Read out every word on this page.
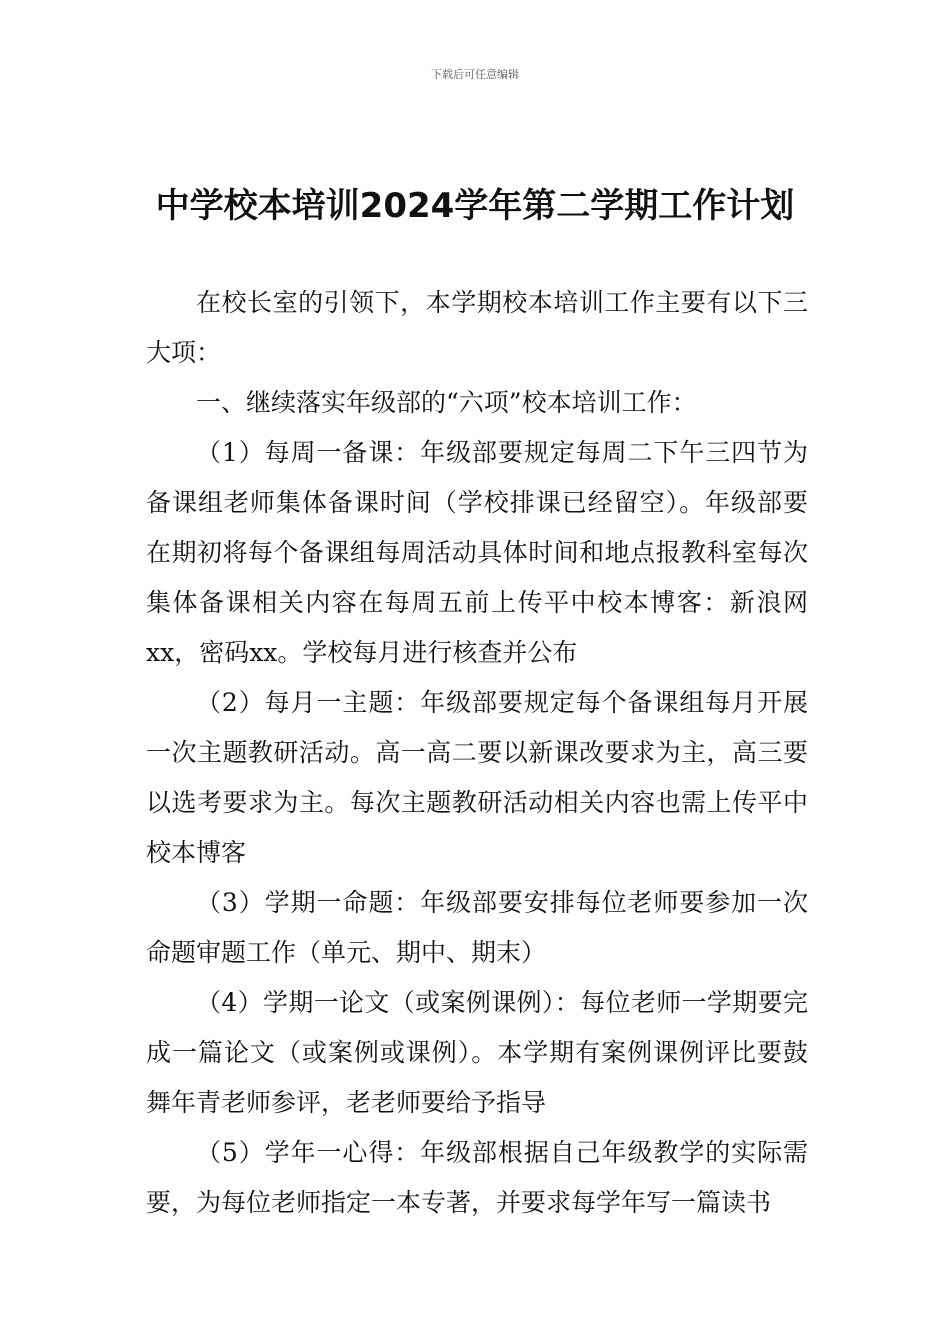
下载后可任意编辑
中学校本培训2024学年第二学期工作计划

在校长室的引领下，本学期校本培训工作主要有以下三大项：

一、继续落实年级部的“六项”校本培训工作：

（1）每周一备课：年级部要规定每周二下午三四节为备课组老师集体备课时间（学校排课已经留空）。年级部要在期初将每个备课组每周活动具体时间和地点报教科室每次集体备课相关内容在每周五前上传平中校本博客：新浪网xx，密码xx。学校每月进行核查并公布

（2）每月一主题：年级部要规定每个备课组每月开展一次主题教研活动。高一高二要以新课改要求为主，高三要以选考要求为主。每次主题教研活动相关内容也需上传平中校本博客

（3）学期一命题：年级部要安排每位老师要参加一次命题审题工作（单元、期中、期末）

（4）学期一论文（或案例课例）：每位老师一学期要完成一篇论文（或案例或课例）。本学期有案例课例评比要鼓舞年青老师参评，老老师要给予指导

（5）学年一心得：年级部根据自己年级教学的实际需要，为每位老师指定一本专著，并要求每学年写一篇读书
